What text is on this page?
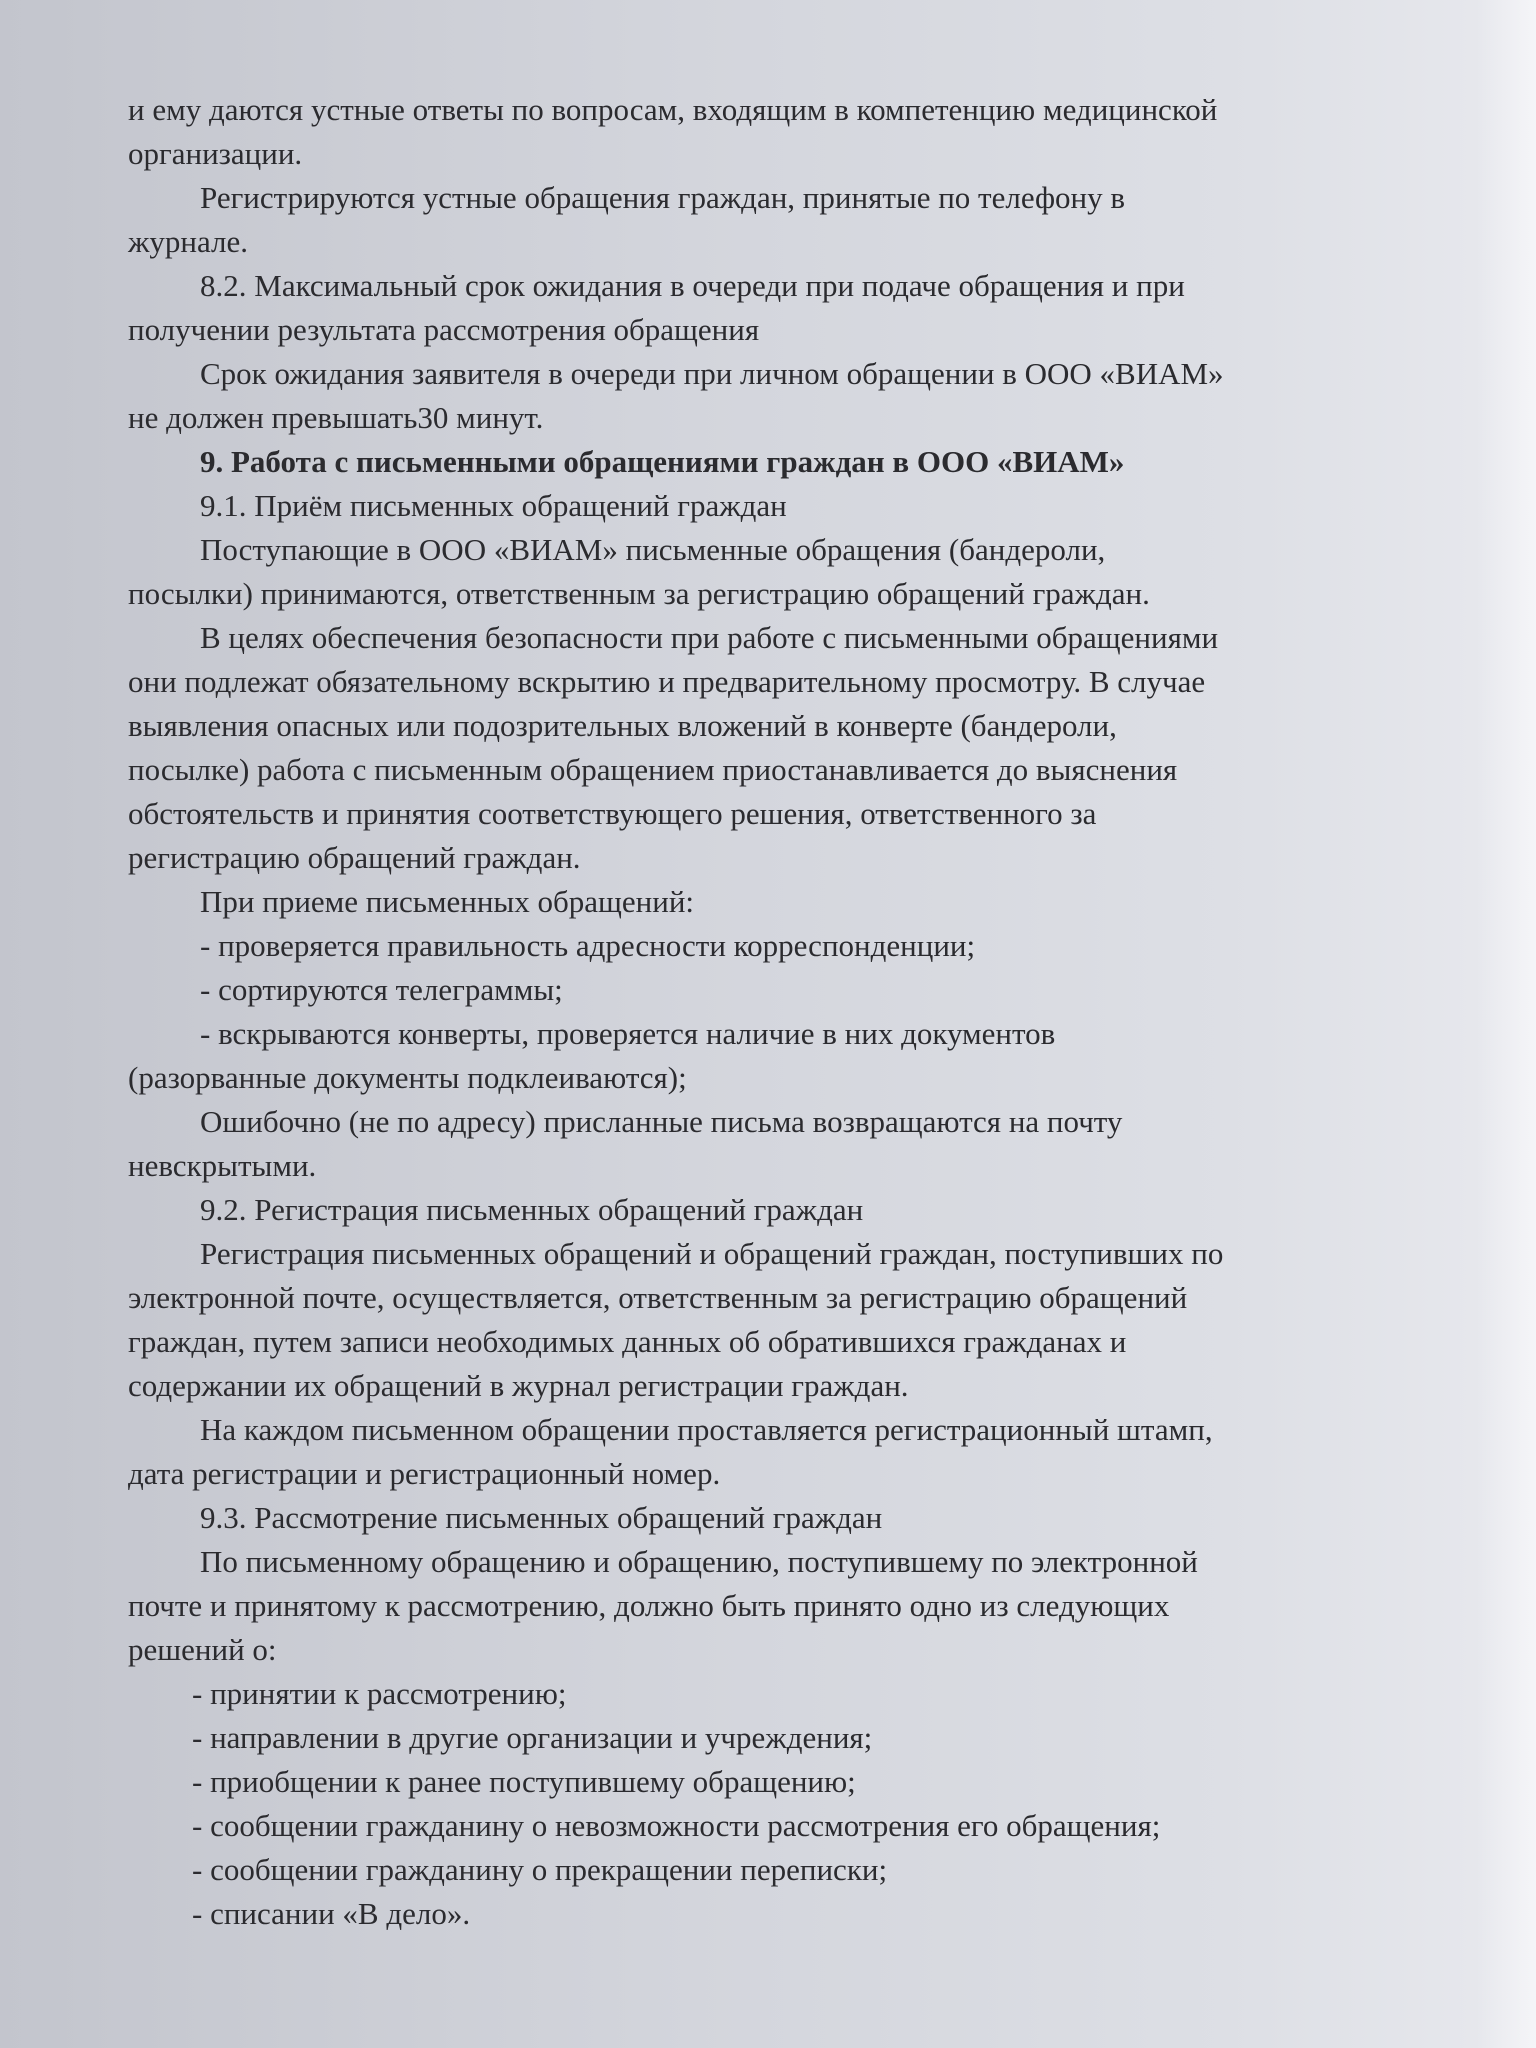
и ему даются устные ответы по вопросам, входящим в компетенцию медицинской
организации.
Регистрируются устные обращения граждан, принятые по телефону в
журнале.
8.2. Максимальный срок ожидания в очереди при подаче обращения и при
получении результата рассмотрения обращения
Срок ожидания заявителя в очереди при личном обращении в ООО «ВИАМ»
не должен превышать30 минут.
9. Работа с письменными обращениями граждан в ООО «ВИАМ»
9.1. Приём письменных обращений граждан
Поступающие в ООО «ВИАМ» письменные обращения (бандероли,
посылки) принимаются, ответственным за регистрацию обращений граждан.
В целях обеспечения безопасности при работе с письменными обращениями
они подлежат обязательному вскрытию и предварительному просмотру. В случае
выявления опасных или подозрительных вложений в конверте (бандероли,
посылке) работа с письменным обращением приостанавливается до выяснения
обстоятельств и принятия соответствующего решения, ответственного за
регистрацию обращений граждан.
При приеме письменных обращений:
- проверяется правильность адресности корреспонденции;
- сортируются телеграммы;
- вскрываются конверты, проверяется наличие в них документов
(разорванные документы подклеиваются);
Ошибочно (не по адресу) присланные письма возвращаются на почту
невскрытыми.
9.2. Регистрация письменных обращений граждан
Регистрация письменных обращений и обращений граждан, поступивших по
электронной почте, осуществляется, ответственным за регистрацию обращений
граждан, путем записи необходимых данных об обратившихся гражданах и
содержании их обращений в журнал регистрации граждан.
На каждом письменном обращении проставляется регистрационный штамп,
дата регистрации и регистрационный номер.
9.3. Рассмотрение письменных обращений граждан
По письменному обращению и обращению, поступившему по электронной
почте и принятому к рассмотрению, должно быть принято одно из следующих
решений о:
- принятии к рассмотрению;
- направлении в другие организации и учреждения;
- приобщении к ранее поступившему обращению;
- сообщении гражданину о невозможности рассмотрения его обращения;
- сообщении гражданину о прекращении переписки;
- списании «В дело».
